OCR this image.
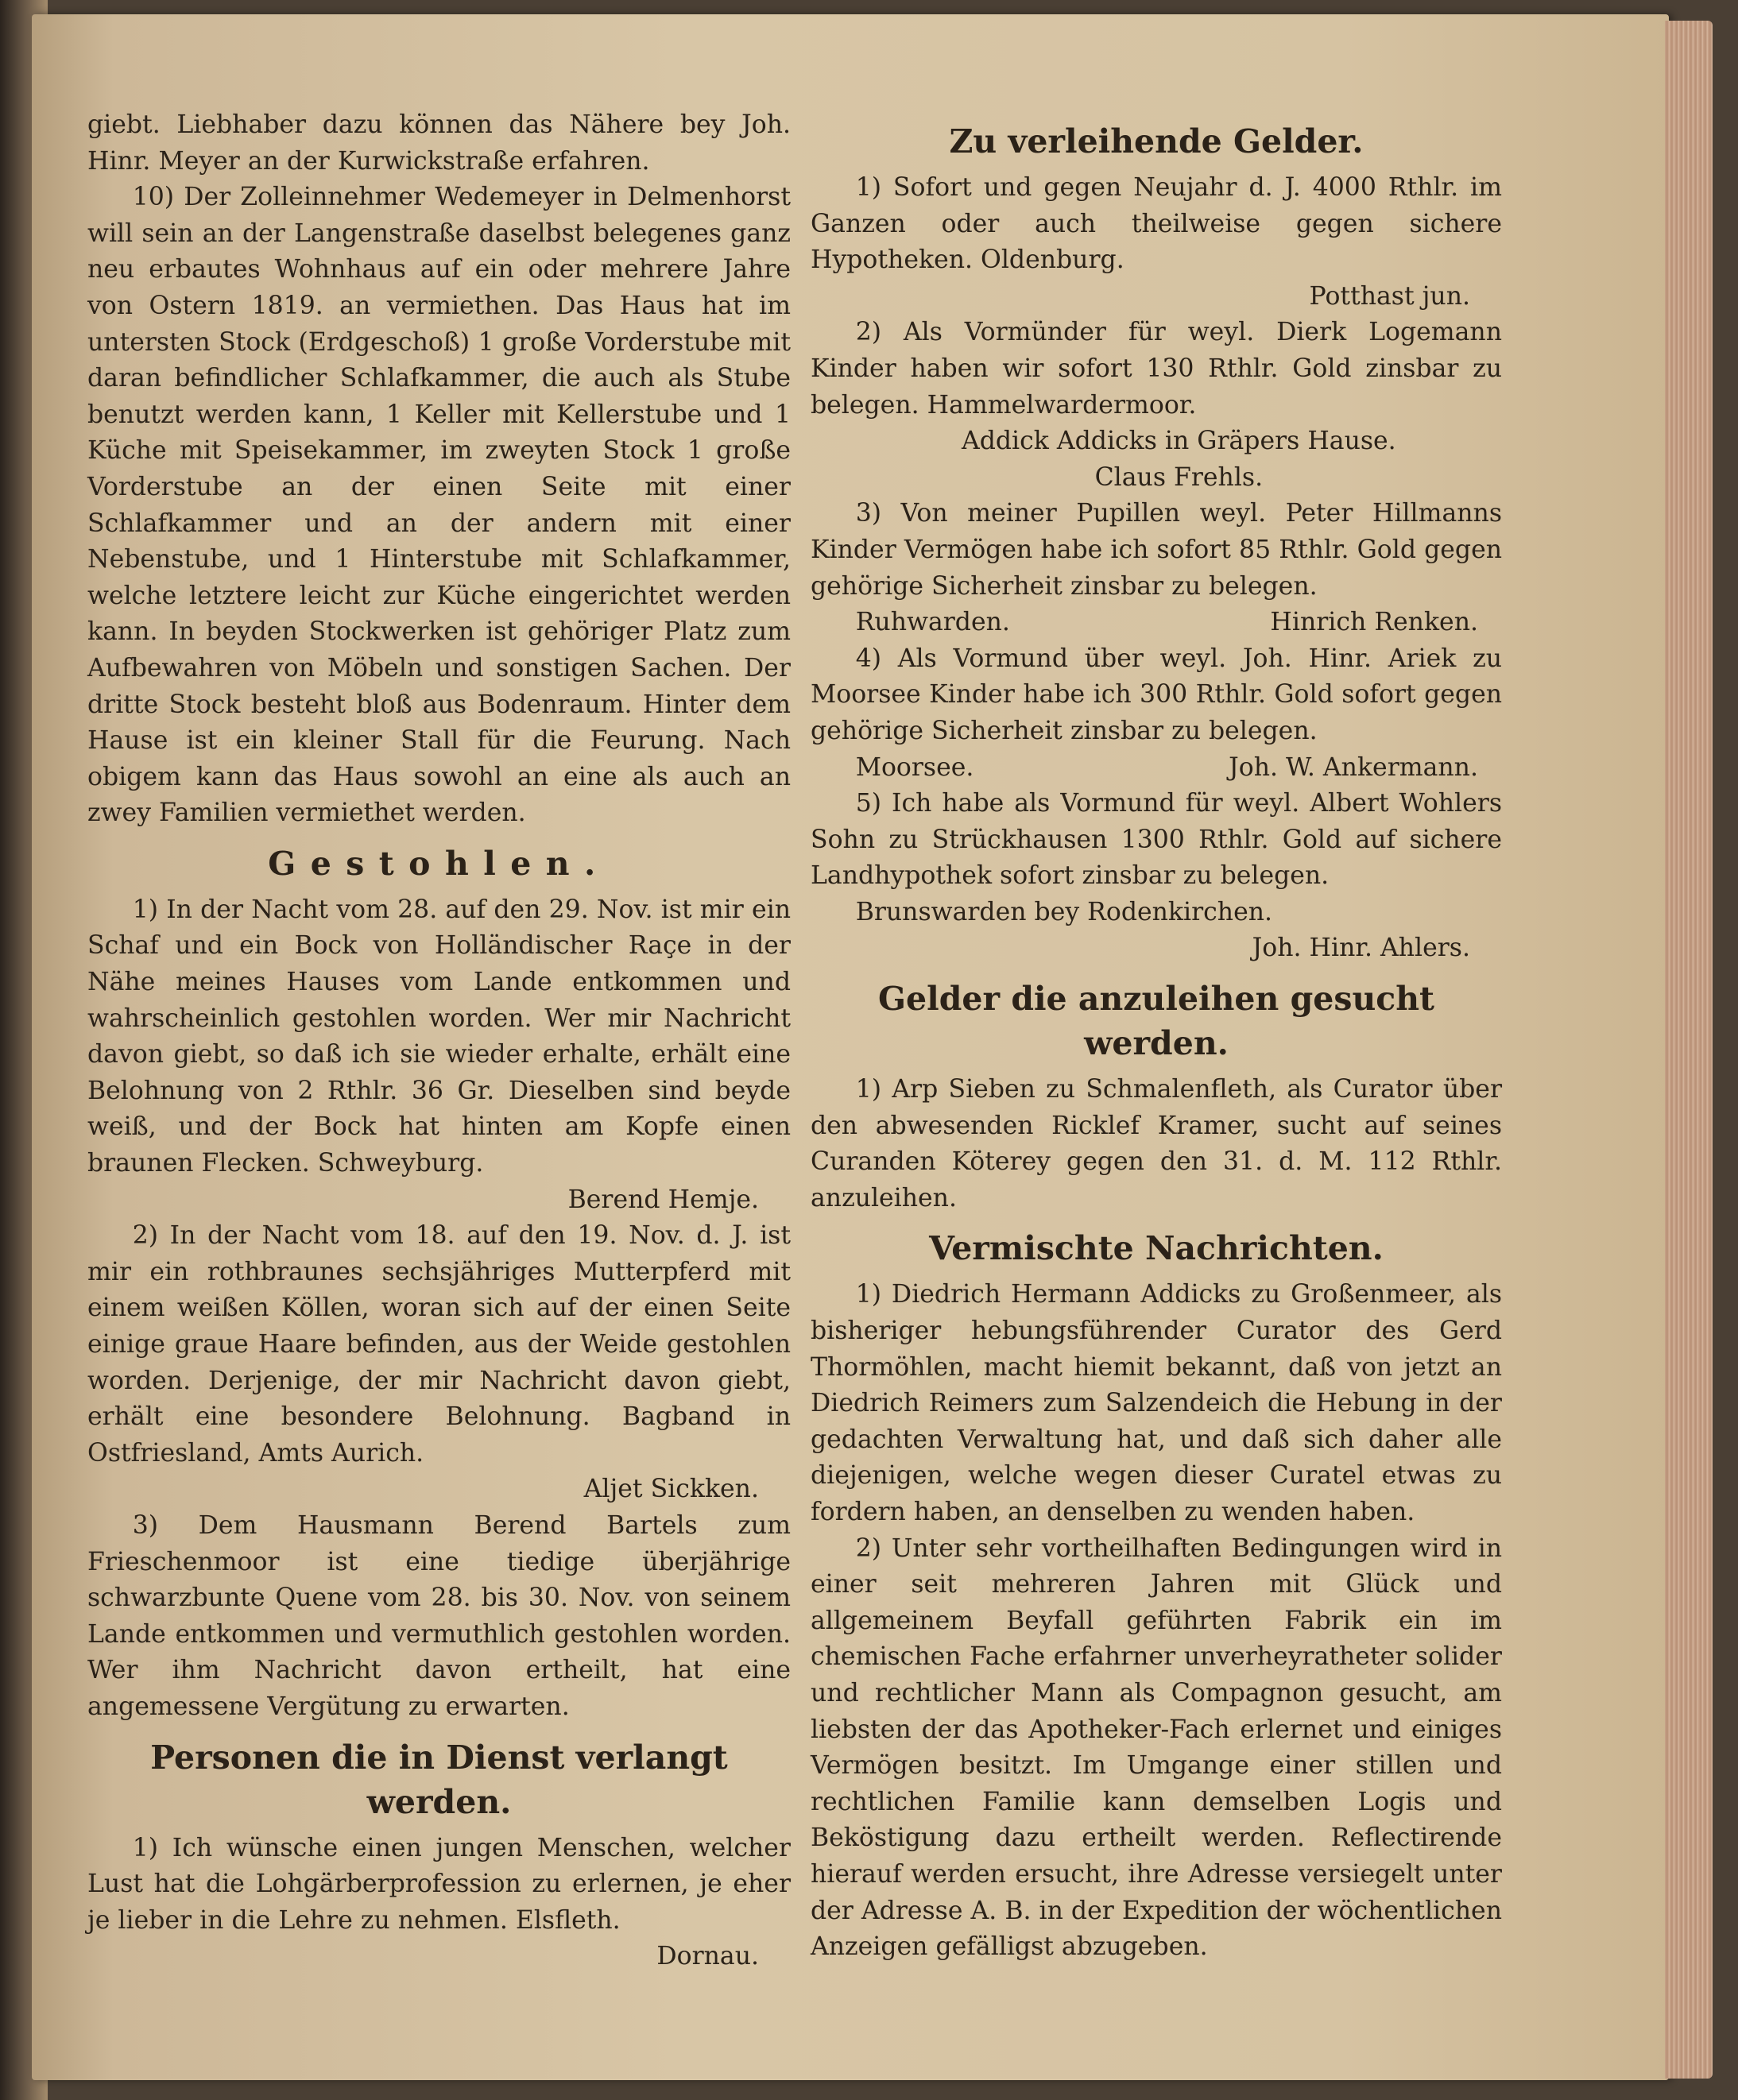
giebt. Liebhaber dazu können das Nähere bey Joh. Hinr. Meyer an der Kurwickstraße erfahren.

10) Der Zolleinnehmer Wedemeyer in Delmenhorst will sein an der Langenstraße daselbst belegenes ganz neu erbautes Wohnhaus auf ein oder mehrere Jahre von Ostern 1819. an vermiethen. Das Haus hat im untersten Stock (Erdgeschoß) 1 große Vorderstube mit daran befindlicher Schlafkammer, die auch als Stube benutzt werden kann, 1 Keller mit Kellerstube und 1 Küche mit Speisekammer, im zweyten Stock 1 große Vorderstube an der einen Seite mit einer Schlafkammer und an der andern mit einer Nebenstube, und 1 Hinterstube mit Schlafkammer, welche letztere leicht zur Küche eingerichtet werden kann. In beyden Stockwerken ist gehöriger Platz zum Aufbewahren von Möbeln und sonstigen Sachen. Der dritte Stock besteht bloß aus Bodenraum. Hinter dem Hause ist ein kleiner Stall für die Feurung. Nach obigem kann das Haus sowohl an eine als auch an zwey Familien vermiethet werden.

Gestohlen.

1) In der Nacht vom 28. auf den 29. Nov. ist mir ein Schaf und ein Bock von Holländischer Raçe in der Nähe meines Hauses vom Lande entkommen und wahrscheinlich gestohlen worden. Wer mir Nachricht davon giebt, so daß ich sie wieder erhalte, erhält eine Belohnung von 2 Rthlr. 36 Gr. Dieselben sind beyde weiß, und der Bock hat hinten am Kopfe einen braunen Flecken. Schweyburg.

Berend Hemje.

2) In der Nacht vom 18. auf den 19. Nov. d. J. ist mir ein rothbraunes sechsjähriges Mutterpferd mit einem weißen Köllen, woran sich auf der einen Seite einige graue Haare befinden, aus der Weide gestohlen worden. Derjenige, der mir Nachricht davon giebt, erhält eine besondere Belohnung. Bagband in Ostfriesland, Amts Aurich.

Aljet Sickken.

3) Dem Hausmann Berend Bartels zum Frieschenmoor ist eine tiedige überjährige schwarzbunte Quene vom 28. bis 30. Nov. von seinem Lande entkommen und vermuthlich gestohlen worden. Wer ihm Nachricht davon ertheilt, hat eine angemessene Vergütung zu erwarten.

Personen die in Dienst verlangt werden.

1) Ich wünsche einen jungen Menschen, welcher Lust hat die Lohgärberprofession zu erlernen, je eher je lieber in die Lehre zu nehmen. Elsfleth.

Dornau.

Zu verleihende Gelder.

1) Sofort und gegen Neujahr d. J. 4000 Rthlr. im Ganzen oder auch theilweise gegen sichere Hypotheken. Oldenburg.

Potthast jun.

2) Als Vormünder für weyl. Dierk Logemann Kinder haben wir sofort 130 Rthlr. Gold zinsbar zu belegen. Hammelwardermoor.

Addick Addicks in Gräpers Hause.

Claus Frehls.

3) Von meiner Pupillen weyl. Peter Hillmanns Kinder Vermögen habe ich sofort 85 Rthlr. Gold gegen gehörige Sicherheit zinsbar zu belegen.

Ruhwarden.	Hinrich Renken.

4) Als Vormund über weyl. Joh. Hinr. Ariek zu Moorsee Kinder habe ich 300 Rthlr. Gold sofort gegen gehörige Sicherheit zinsbar zu belegen.

Moorsee.	Joh. W. Ankermann.

5) Ich habe als Vormund für weyl. Albert Wohlers Sohn zu Strückhausen 1300 Rthlr. Gold auf sichere Landhypothek sofort zinsbar zu belegen.

Brunswarden bey Rodenkirchen.

Joh. Hinr. Ahlers.

Gelder die anzuleihen gesucht werden.

1) Arp Sieben zu Schmalenfleth, als Curator über den abwesenden Ricklef Kramer, sucht auf seines Curanden Köterey gegen den 31. d. M. 112 Rthlr. anzuleihen.

Vermischte Nachrichten.

1) Diedrich Hermann Addicks zu Großenmeer, als bisheriger hebungsführender Curator des Gerd Thormöhlen, macht hiemit bekannt, daß von jetzt an Diedrich Reimers zum Salzendeich die Hebung in der gedachten Verwaltung hat, und daß sich daher alle diejenigen, welche wegen dieser Curatel etwas zu fordern haben, an denselben zu wenden haben.

2) Unter sehr vortheilhaften Bedingungen wird in einer seit mehreren Jahren mit Glück und allgemeinem Beyfall geführten Fabrik ein im chemischen Fache erfahrner unverheyratheter solider und rechtlicher Mann als Compagnon gesucht, am liebsten der das Apotheker-Fach erlernet und einiges Vermögen besitzt. Im Umgange einer stillen und rechtlichen Familie kann demselben Logis und Beköstigung dazu ertheilt werden. Reflectirende hierauf werden ersucht, ihre Adresse versiegelt unter der Adresse A. B. in der Expedition der wöchentlichen Anzeigen gefälligst abzugeben.
